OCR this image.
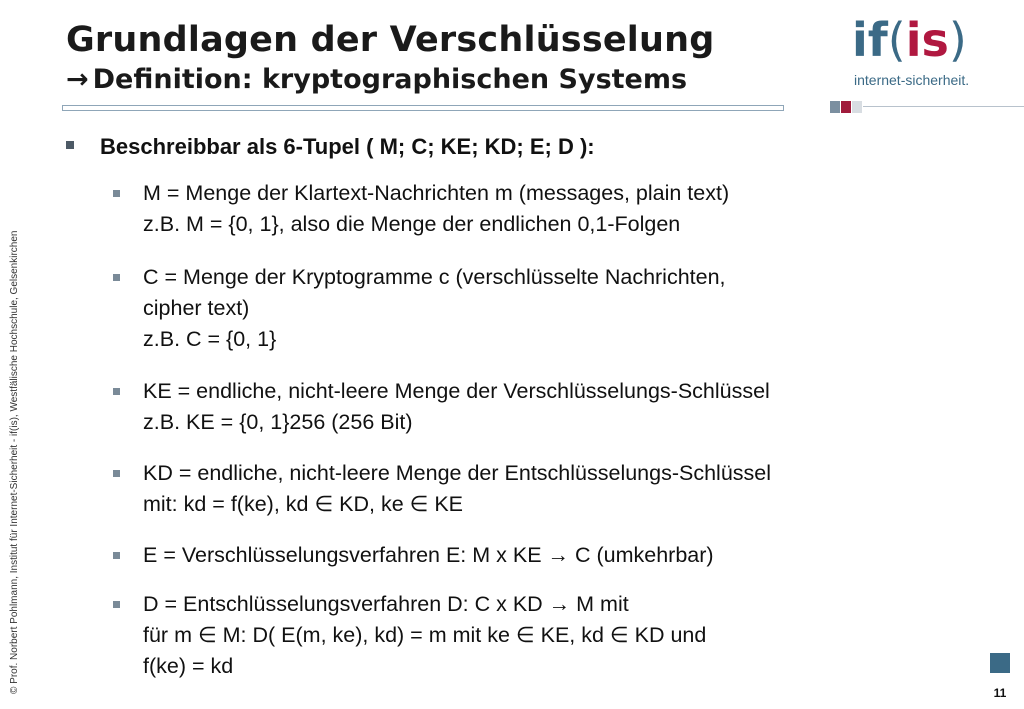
Grundlagen der Verschlüsselung
→ Definition: kryptographischen Systems
if(is)
internet-sicherheit.
© Prof. Norbert Pohlmann, Institut für Internet-Sicherheit - if(is), Westfälische Hochschule, Gelsenkirchen
Beschreibbar als 6-Tupel ( M; C; KE; KD; E; D ):
M = Menge der Klartext-Nachrichten m (messages, plain text)
z.B. M = {0, 1}, also die Menge der endlichen 0,1-Folgen
C = Menge der Kryptogramme c (verschlüsselte Nachrichten,
cipher text)
z.B. C = {0, 1}
KE = endliche, nicht-leere Menge der Verschlüsselungs-Schlüssel
z.B. KE = {0, 1}256 (256 Bit)
KD = endliche, nicht-leere Menge der Entschlüsselungs-Schlüssel
mit: kd = f(ke), kd ∈ KD, ke ∈ KE
E = Verschlüsselungsverfahren E: M x KE → C (umkehrbar)
D = Entschlüsselungsverfahren D: C x KD → M mit
für m ∈ M: D( E(m, ke), kd) = m mit ke ∈ KE, kd ∈ KD und
f(ke) = kd
11
